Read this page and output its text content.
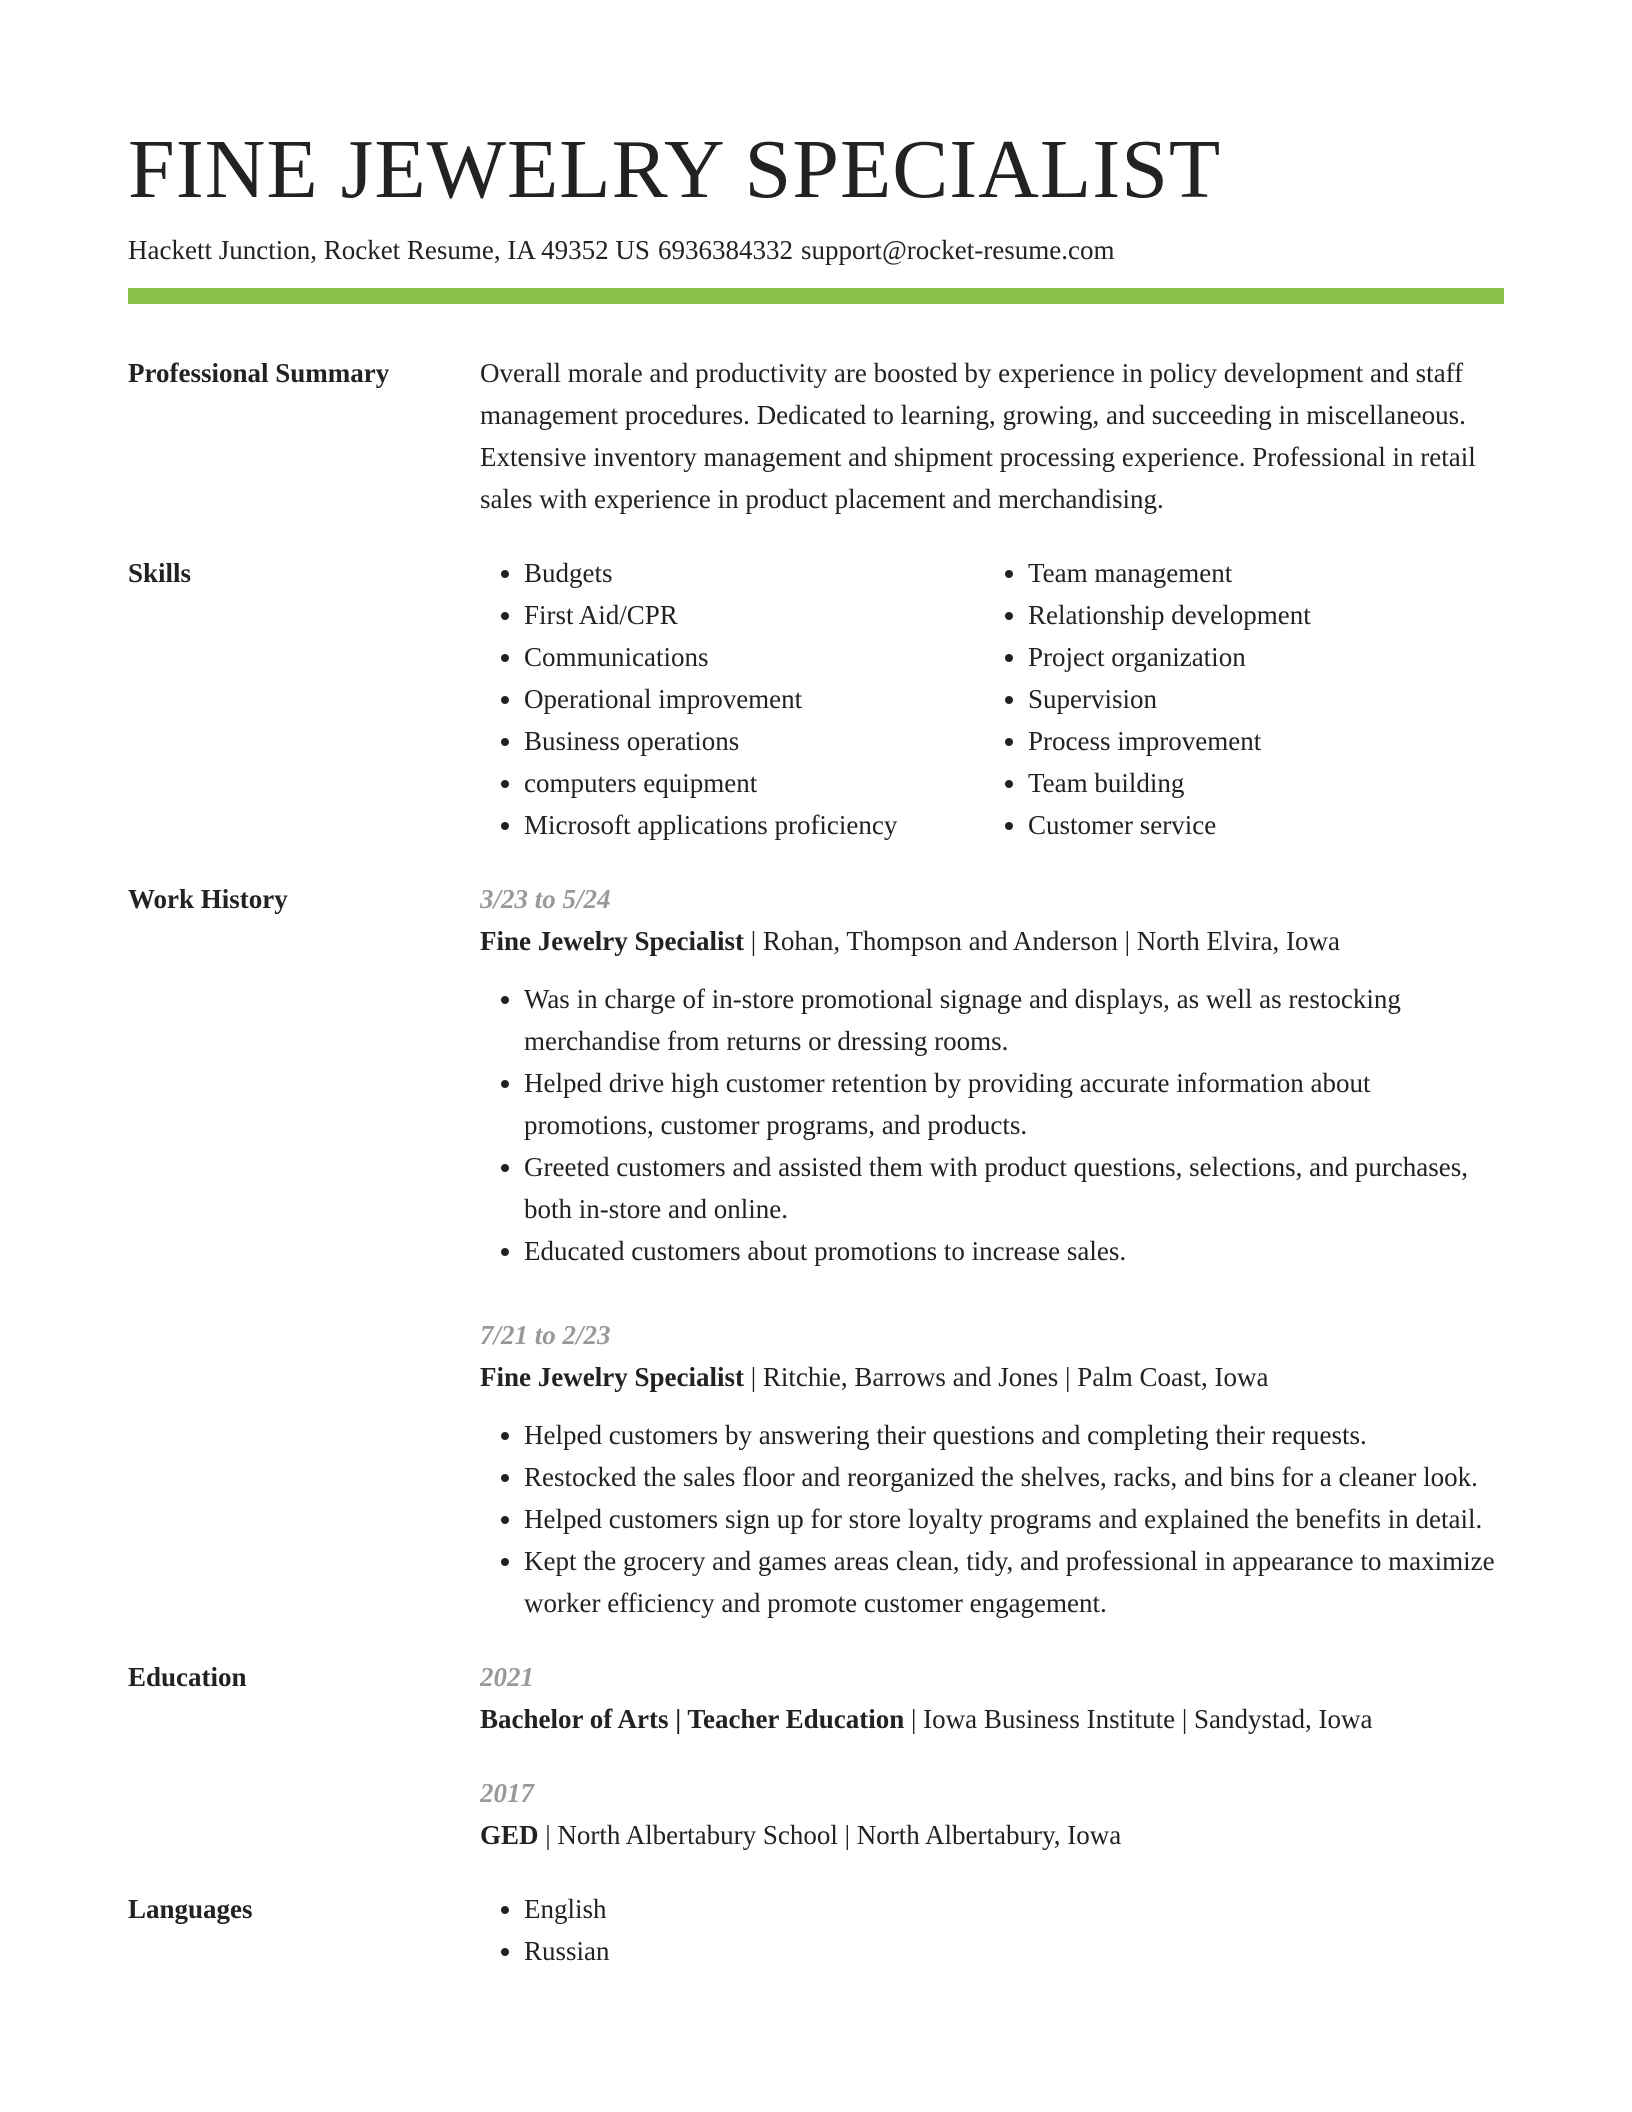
FINE JEWELRY SPECIALIST
Hackett Junction, Rocket Resume, IA 49352 US 6936384332 support@rocket-resume.com
Professional Summary	Overall morale and productivity are boosted by experience in policy development and staff management procedures. Dedicated to learning, growing, and succeeding in miscellaneous. Extensive inventory management and shipment processing experience. Professional in retail sales with experience in product placement and merchandising.
Skills	• Budgets
• First Aid/CPR
• Communications
• Operational improvement
• Business operations
• computers equipment
• Microsoft applications proficiency
• Team management
• Relationship development
• Project organization
• Supervision
• Process improvement
• Team building
• Customer service
Work History	3/23 to 5/24
Fine Jewelry Specialist | Rohan, Thompson and Anderson | North Elvira, Iowa
• Was in charge of in-store promotional signage and displays, as well as restocking merchandise from returns or dressing rooms.
• Helped drive high customer retention by providing accurate information about promotions, customer programs, and products.
• Greeted customers and assisted them with product questions, selections, and purchases, both in-store and online.
• Educated customers about promotions to increase sales.
7/21 to 2/23
Fine Jewelry Specialist | Ritchie, Barrows and Jones | Palm Coast, Iowa
• Helped customers by answering their questions and completing their requests.
• Restocked the sales floor and reorganized the shelves, racks, and bins for a cleaner look.
• Helped customers sign up for store loyalty programs and explained the benefits in detail.
• Kept the grocery and games areas clean, tidy, and professional in appearance to maximize worker efficiency and promote customer engagement.
Education	2021
Bachelor of Arts | Teacher Education | Iowa Business Institute | Sandystad, Iowa
2017
GED | North Albertabury School | North Albertabury, Iowa
Languages	• English
• Russian
